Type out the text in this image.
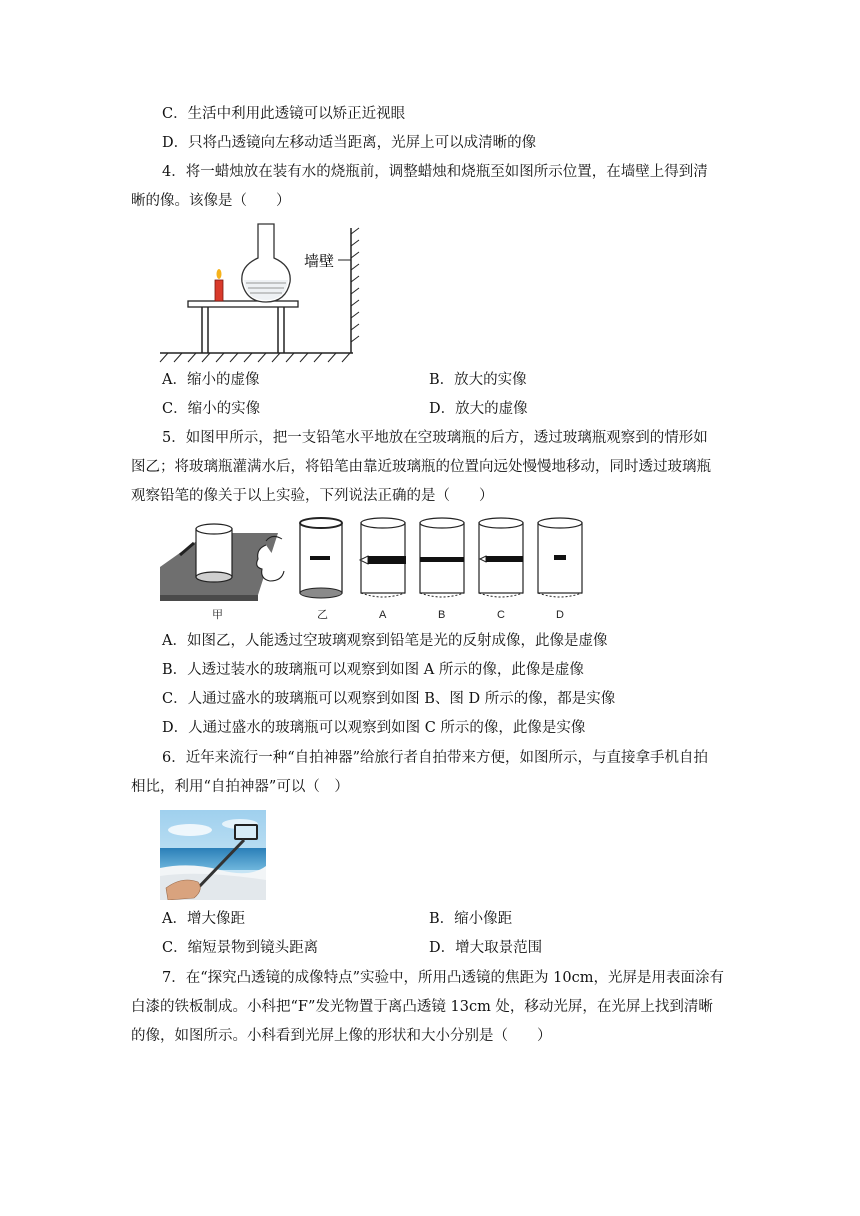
C．生活中利用此透镜可以矫正近视眼
D．只将凸透镜向左移动适当距离，光屏上可以成清晰的像
4．将一蜡烛放在装有水的烧瓶前，调整蜡烛和烧瓶至如图所示位置，在墙壁上得到清
晰的像。该像是（　　）
墙壁
A．缩小的虚像	B．放大的实像
C．缩小的实像	D．放大的虚像
5．如图甲所示，把一支铅笔水平地放在空玻璃瓶的后方，透过玻璃瓶观察到的情形如
图乙；将玻璃瓶灌满水后，将铅笔由靠近玻璃瓶的位置向远处慢慢地移动，同时透过玻璃瓶
观察铅笔的像关于以上实验，下列说法正确的是（　　）
甲	乙	A	B	C	D
A．如图乙，人能透过空玻璃观察到铅笔是光的反射成像，此像是虚像
B．人透过装水的玻璃瓶可以观察到如图 A 所示的像，此像是虚像
C．人通过盛水的玻璃瓶可以观察到如图 B、图 D 所示的像，都是实像
D．人通过盛水的玻璃瓶可以观察到如图 C 所示的像，此像是实像
6．近年来流行一种“自拍神器”给旅行者自拍带来方便，如图所示，与直接拿手机自拍
相比，利用“自拍神器”可以（　）
A．增大像距	B．缩小像距
C．缩短景物到镜头距离	D．增大取景范围
7．在“探究凸透镜的成像特点”实验中，所用凸透镜的焦距为 10cm，光屏是用表面涂有
白漆的铁板制成。小科把“F”发光物置于离凸透镜 13cm 处，移动光屏，在光屏上找到清晰
的像，如图所示。小科看到光屏上像的形状和大小分别是（　　）
